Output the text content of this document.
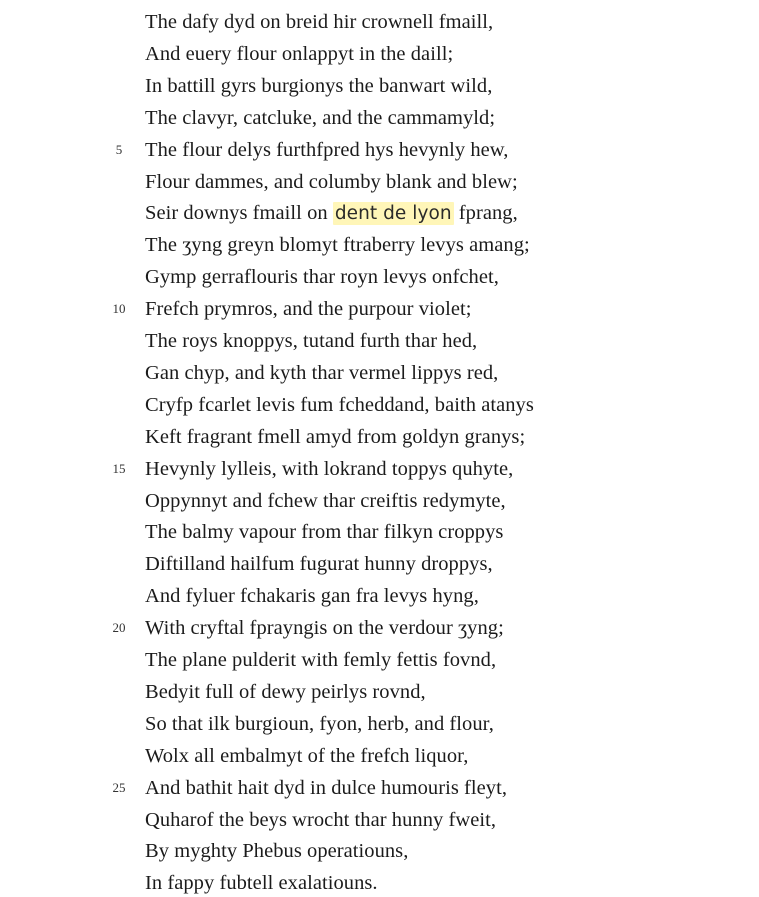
The dafy dyd on breid hir crownell fmaill,
And euery flour onlappyt in the daill;
In battill gyrs burgionys the banwart wild,
The clavyr, catcluke, and the cammamyld;
5	The flour delys furthfpred hys hevynly hew,
Flour dammes, and columby blank and blew;
Seir downys fmaill on dent de lyon fprang,
The ʒyng greyn blomyt ftraberry levys amang;
Gymp gerraflouris thar royn levys onfchet,
10 Frefch prymros, and the purpour violet;
The roys knoppys, tutand furth thar hed,
Gan chyp, and kyth thar vermel lippys red,
Cryfp fcarlet levis fum fcheddand, baith atanys
Keft fragrant fmell amyd from goldyn granys;
15 Hevynly lylleis, with lokrand toppys quhyte,
Oppynnyt and fchew thar creiftis redymyte,
The balmy vapour from thar filkyn croppys
Diftilland hailfum fugurat hunny droppys,
And fyluer fchakaris gan fra levys hyng,
20 With cryftal fprayngis on the verdour ʒyng;
The plane pulderit with femly fettis fovnd,
Bedyit full of dewy peirlys rovnd,
So that ilk burgioun, fyon, herb, and flour,
Wolx all embalmyt of the frefch liquor,
25 And bathit hait dyd in dulce humouris fleyt,
Quharof the beys wrocht thar hunny fweit,
By myghty Phebus operatiouns,
In fappy fubtell exalatiouns.
